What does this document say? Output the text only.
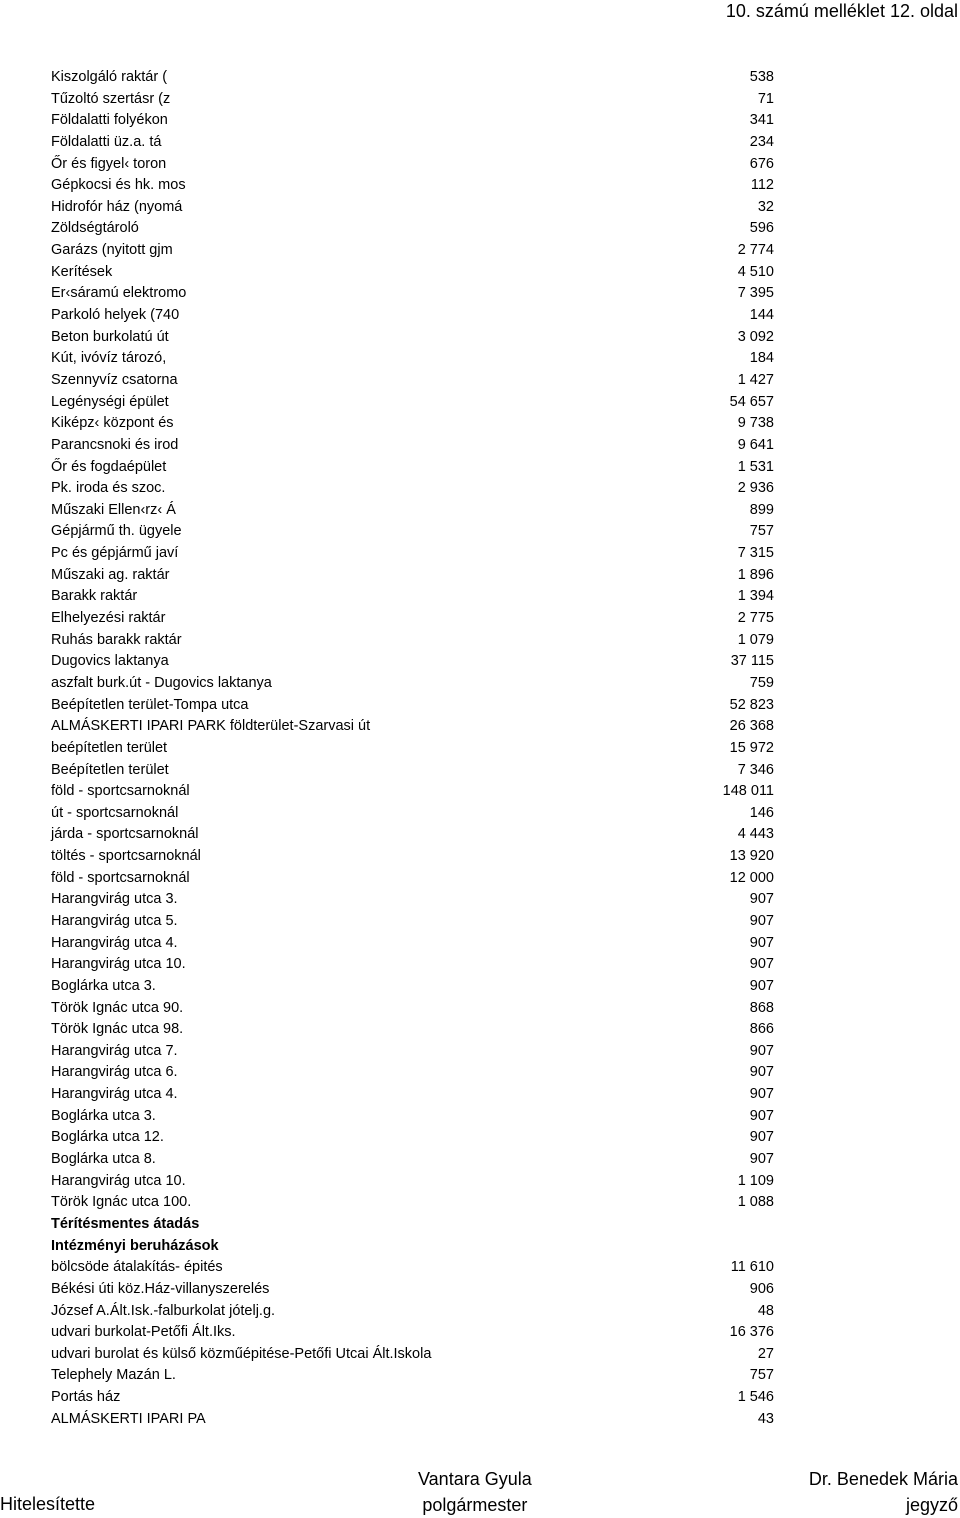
10. számú melléklet 12. oldal
Kiszolgáló raktár (	538
Tűzoltó szertásr (z	71
Földalatti folyékon	341
Földalatti üz.a. tá	234
Őr és figyel‹ toron	676
Gépkocsi és hk. mos	112
Hidrofór ház (nyomá	32
Zöldségtároló	596
Garázs (nyitott gjm	2 774
Kerítések	4 510
Er‹sáramú elektromo	7 395
Parkoló helyek (740	144
Beton burkolatú út	3 092
Kút, ivóvíz tározó,	184
Szennyvíz csatorna	1 427
Legénységi épület	54 657
Kiképz‹ központ és	9 738
Parancsnoki és irod	9 641
Őr és fogdaépület	1 531
Pk. iroda és szoc.	2 936
Műszaki Ellen‹rz‹ Á	899
Gépjármű th. ügyele	757
Pc és gépjármű javí	7 315
Műszaki ag. raktár	1 896
Barakk raktár	1 394
Elhelyezési raktár	2 775
Ruhás barakk raktár	1 079
Dugovics laktanya	37 115
aszfalt burk.út - Dugovics laktanya	759
Beépítetlen terület-Tompa utca	52 823
ALMÁSKERTI IPARI PARK földterület-Szarvasi út	26 368
beépítetlen terület	15 972
Beépítetlen terület	7 346
föld - sportcsarnoknál	148 011
út - sportcsarnoknál	146
járda - sportcsarnoknál	4 443
töltés - sportcsarnoknál	13 920
föld - sportcsarnoknál	12 000
Harangvirág utca 3.	907
Harangvirág utca 5.	907
Harangvirág utca 4.	907
Harangvirág utca 10.	907
Boglárka utca 3.	907
Török Ignác utca 90.	868
Török Ignác utca 98.	866
Harangvirág utca 7.	907
Harangvirág utca 6.	907
Harangvirág utca 4.	907
Boglárka utca 3.	907
Boglárka utca 12.	907
Boglárka utca 8.	907
Harangvirág utca 10.	1 109
Török Ignác utca 100.	1 088
Térítésmentes átadás
Intézményi beruházások
bölcsöde átalakítás- épités	11 610
Békési úti köz.Ház-villanyszerelés	906
József A.Ált.Isk.-falburkolat jótelj.g.	48
udvari burkolat-Petőfi Ált.Iks.	16 376
udvari burolat és külső közműépitése-Petőfi Utcai Ált.Iskola	27
Telephely Mazán L.	757
Portás ház	1 546
ALMÁSKERTI IPARI PA	43
Hitelesítette
Vantara Gyula
polgármester
Dr. Benedek Mária
jegyző
